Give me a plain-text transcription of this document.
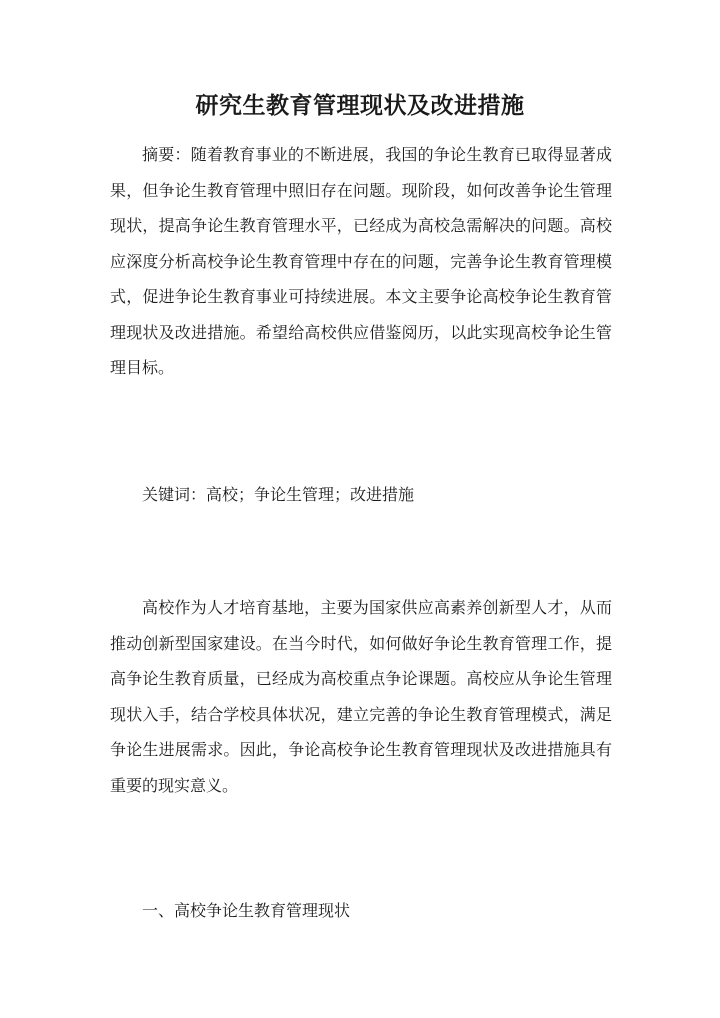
研究生教育管理现状及改进措施

摘要：随着教育事业的不断进展，我国的争论生教育已取得显著成果，但争论生教育管理中照旧存在问题。现阶段，如何改善争论生管理现状，提高争论生教育管理水平，已经成为高校急需解决的问题。高校应深度分析高校争论生教育管理中存在的问题，完善争论生教育管理模式，促进争论生教育事业可持续进展。本文主要争论高校争论生教育管理现状及改进措施。希望给高校供应借鉴阅历，以此实现高校争论生管理目标。

关键词：高校；争论生管理；改进措施

高校作为人才培育基地，主要为国家供应高素养创新型人才，从而推动创新型国家建设。在当今时代，如何做好争论生教育管理工作，提高争论生教育质量，已经成为高校重点争论课题。高校应从争论生管理现状入手，结合学校具体状况，建立完善的争论生教育管理模式，满足争论生进展需求。因此，争论高校争论生教育管理现状及改进措施具有重要的现实意义。

一、高校争论生教育管理现状
